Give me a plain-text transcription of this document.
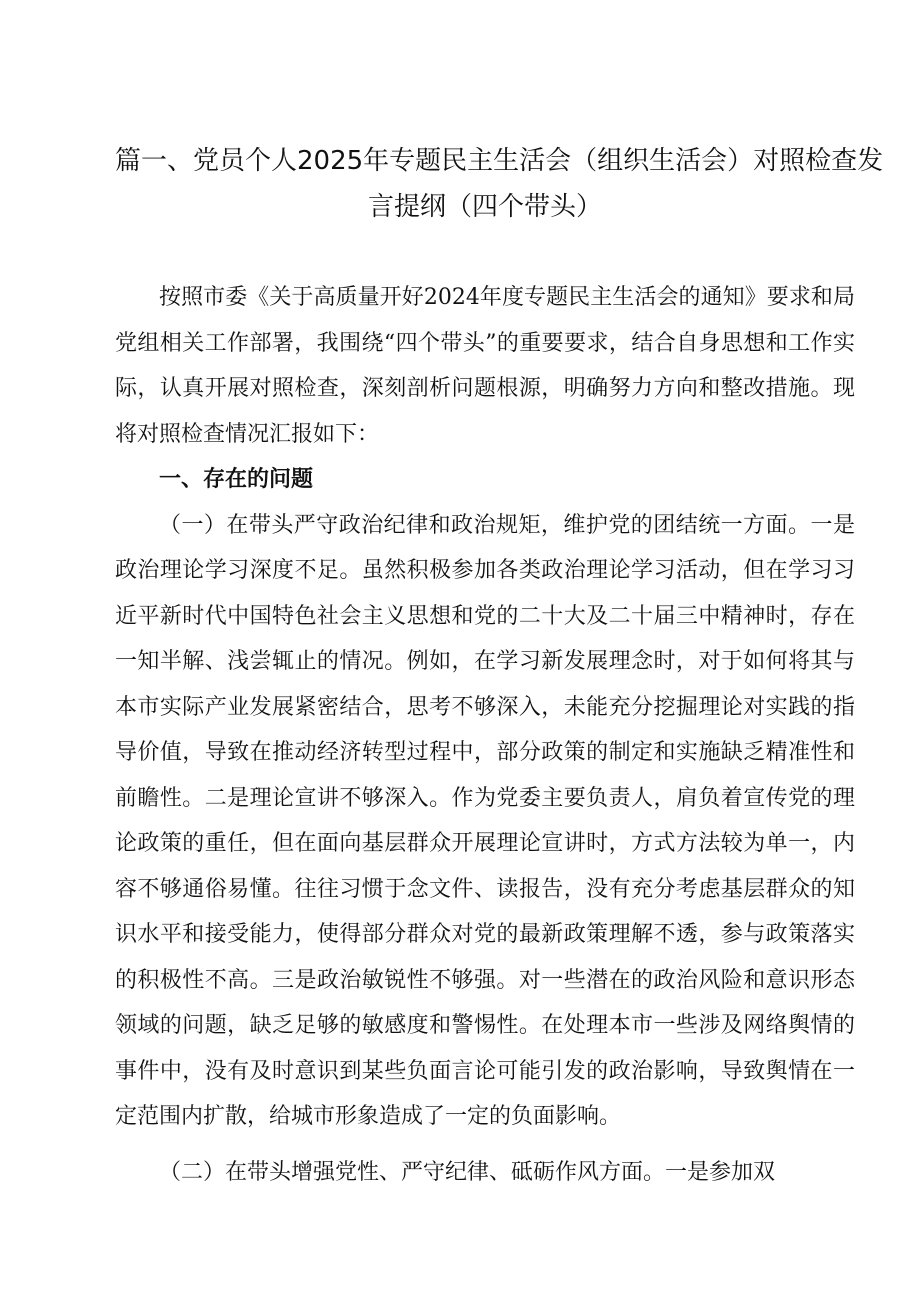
篇一、党员个人2025年专题民主生活会（组织生活会）对照检查发
言提纲（四个带头）

按照市委《关于高质量开好2024年度专题民主生活会的通知》要求和局党组相关工作部署，我围绕“四个带头”的重要要求，结合自身思想和工作实际，认真开展对照检查，深刻剖析问题根源，明确努力方向和整改措施。现将对照检查情况汇报如下：

一、存在的问题

（一）在带头严守政治纪律和政治规矩，维护党的团结统一方面。一是政治理论学习深度不足。虽然积极参加各类政治理论学习活动，但在学习习近平新时代中国特色社会主义思想和党的二十大及二十届三中精神时，存在一知半解、浅尝辄止的情况。例如，在学习新发展理念时，对于如何将其与本市实际产业发展紧密结合，思考不够深入，未能充分挖掘理论对实践的指导价值，导致在推动经济转型过程中，部分政策的制定和实施缺乏精准性和前瞻性。二是理论宣讲不够深入。作为党委主要负责人，肩负着宣传党的理论政策的重任，但在面向基层群众开展理论宣讲时，方式方法较为单一，内容不够通俗易懂。往往习惯于念文件、读报告，没有充分考虑基层群众的知识水平和接受能力，使得部分群众对党的最新政策理解不透，参与政策落实的积极性不高。三是政治敏锐性不够强。对一些潜在的政治风险和意识形态领域的问题，缺乏足够的敏感度和警惕性。在处理本市一些涉及网络舆情的事件中，没有及时意识到某些负面言论可能引发的政治影响，导致舆情在一定范围内扩散，给城市形象造成了一定的负面影响。

（二）在带头增强党性、严守纪律、砥砺作风方面。一是参加双
